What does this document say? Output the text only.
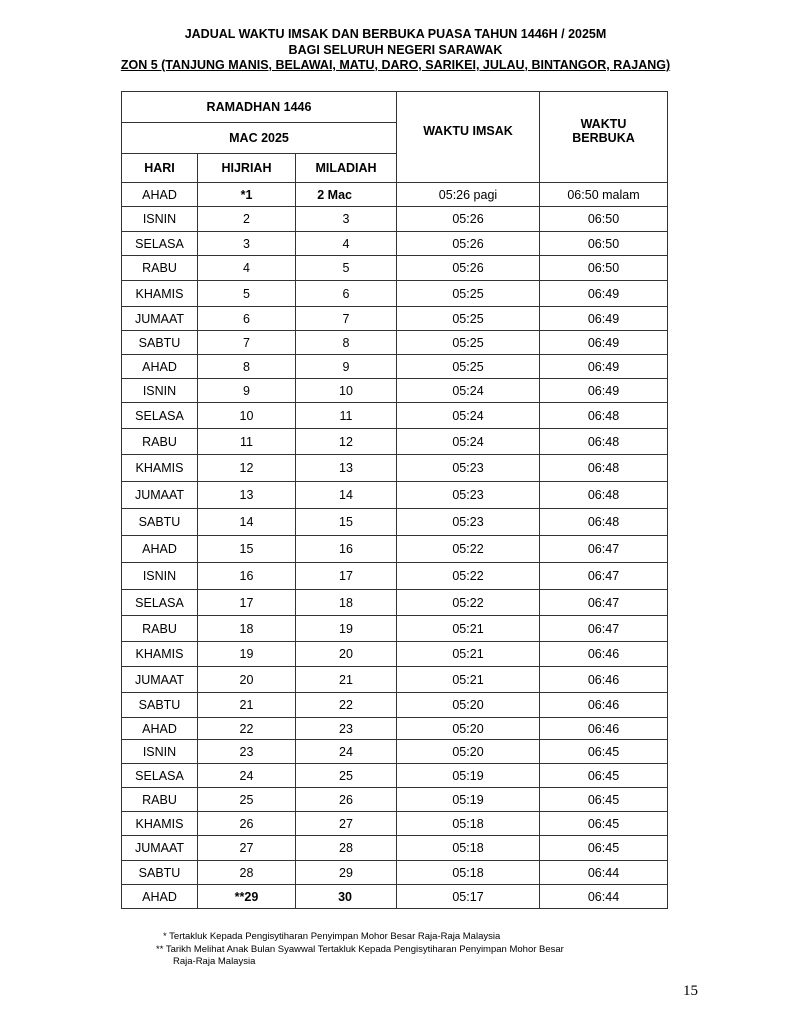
JADUAL WAKTU IMSAK DAN BERBUKA PUASA TAHUN 1446H / 2025M
BAGI SELURUH NEGERI SARAWAK
ZON 5 (TANJUNG MANIS, BELAWAI, MATU, DARO, SARIKEI, JULAU, BINTANGOR, RAJANG)
RAMADHAN 1446			WAKTU IMSAK	WAKTU BERBUKA
MAC 2025				
HARI	HIJRIAH	MILADIAH		
AHAD	*1	2 Mac	05:26 pagi	06:50 malam
ISNIN	2	3	05:26	06:50
SELASA	3	4	05:26	06:50
RABU	4	5	05:26	06:50
KHAMIS	5	6	05:25	06:49
JUMAAT	6	7	05:25	06:49
SABTU	7	8	05:25	06:49
AHAD	8	9	05:25	06:49
ISNIN	9	10	05:24	06:49
SELASA	10	11	05:24	06:48
RABU	11	12	05:24	06:48
KHAMIS	12	13	05:23	06:48
JUMAAT	13	14	05:23	06:48
SABTU	14	15	05:23	06:48
AHAD	15	16	05:22	06:47
ISNIN	16	17	05:22	06:47
SELASA	17	18	05:22	06:47
RABU	18	19	05:21	06:47
KHAMIS	19	20	05:21	06:46
JUMAAT	20	21	05:21	06:46
SABTU	21	22	05:20	06:46
AHAD	22	23	05:20	06:46
ISNIN	23	24	05:20	06:45
SELASA	24	25	05:19	06:45
RABU	25	26	05:19	06:45
KHAMIS	26	27	05:18	06:45
JUMAAT	27	28	05:18	06:45
SABTU	28	29	05:18	06:44
AHAD	**29	30	05:17	06:44
* Tertakluk Kepada Pengisytiharan Penyimpan Mohor Besar Raja-Raja Malaysia
** Tarikh Melihat Anak Bulan Syawwal Tertakluk Kepada Pengisytiharan Penyimpan Mohor Besar
Raja-Raja Malaysia
15
